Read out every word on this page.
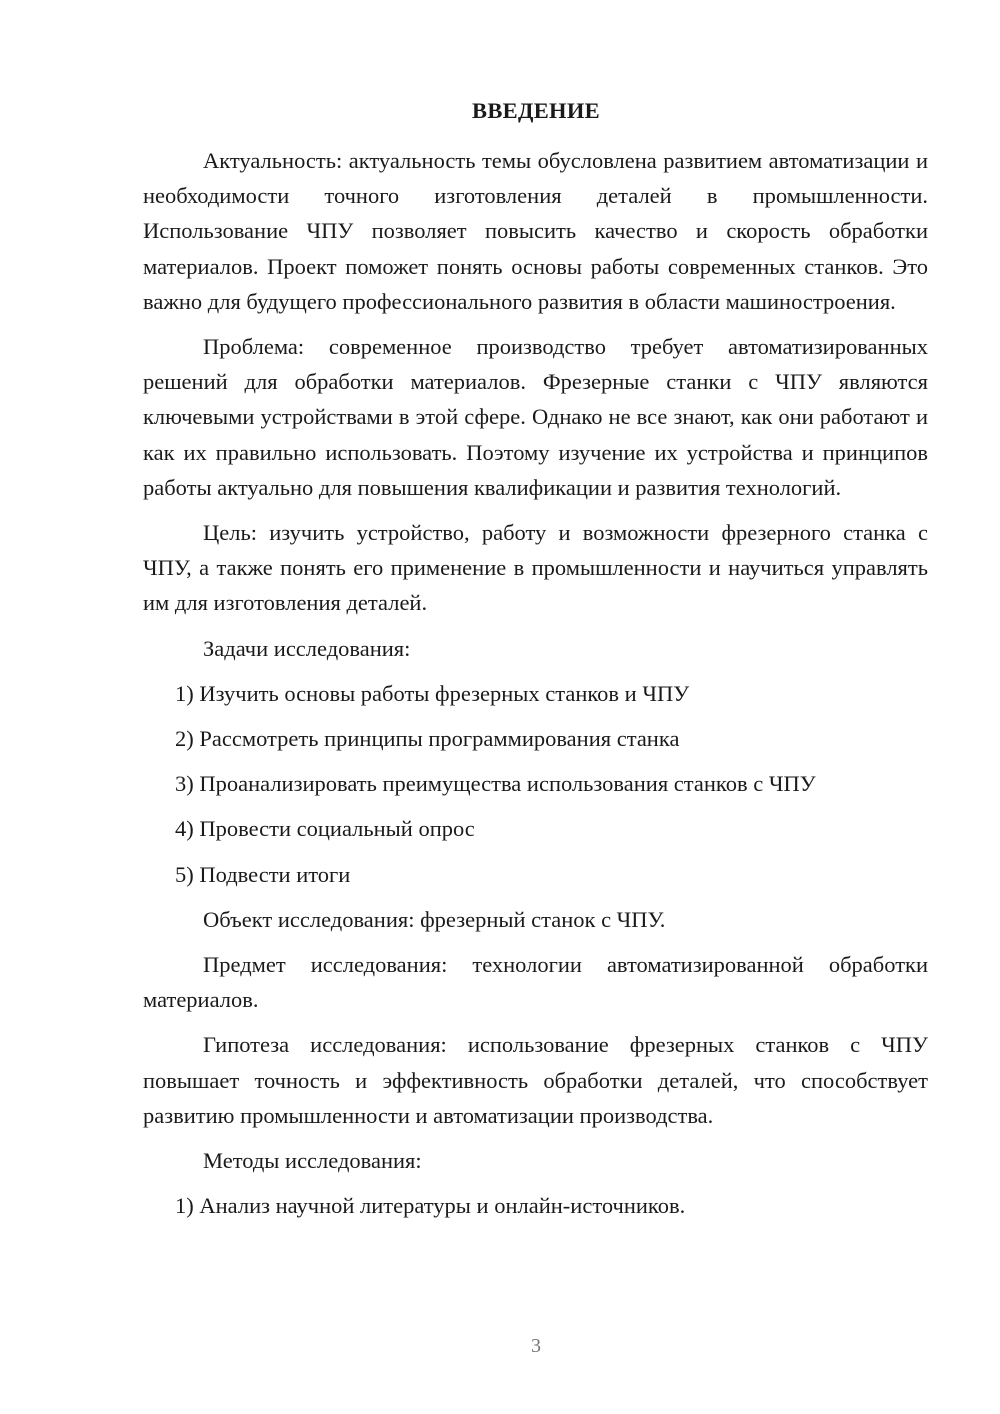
ВВЕДЕНИЕ

Актуальность: актуальность темы обусловлена развитием автоматизации и необходимости точного изготовления деталей в промышленности. Использование ЧПУ позволяет повысить качество и скорость обработки материалов. Проект поможет понять основы работы современных станков. Это важно для будущего профессионального развития в области машиностроения.

Проблема: современное производство требует автоматизированных решений для обработки материалов. Фрезерные станки с ЧПУ являются ключевыми устройствами в этой сфере. Однако не все знают, как они работают и как их правильно использовать. Поэтому изучение их устройства и принципов работы актуально для повышения квалификации и развития технологий.

Цель: изучить устройство, работу и возможности фрезерного станка с ЧПУ, а также понять его применение в промышленности и научиться управлять им для изготовления деталей.

Задачи исследования:

1) Изучить основы работы фрезерных станков и ЧПУ

2) Рассмотреть принципы программирования станка

3) Проанализировать преимущества использования станков с ЧПУ

4) Провести социальный опрос

5) Подвести итоги

Объект исследования: фрезерный станок с ЧПУ.

Предмет исследования: технологии автоматизированной обработки материалов.

Гипотеза исследования: использование фрезерных станков с ЧПУ повышает точность и эффективность обработки деталей, что способствует развитию промышленности и автоматизации производства.

Методы исследования:

1) Анализ научной литературы и онлайн-источников.

3
